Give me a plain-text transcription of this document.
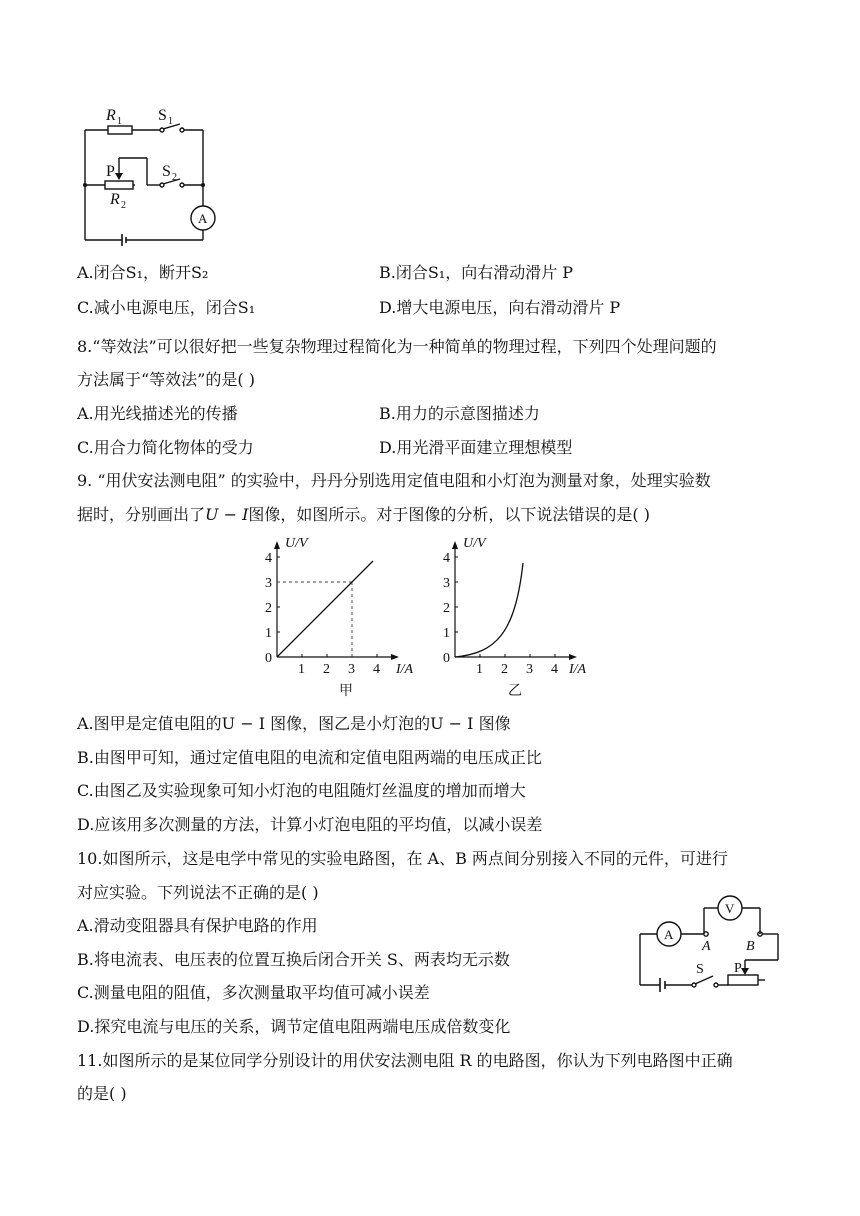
R 1 S 1
P
R 2
S 2
A
A.闭合S₁，断开S₂	B.闭合S₁，向右滑动滑片 P
C.减小电源电压，闭合S₁	D.增大电源电压，向右滑动滑片 P
8.“等效法”可以很好把一些复杂物理过程简化为一种简单的物理过程，下列四个处理问题的
方法属于“等效法”的是( )
A.用光线描述光的传播	B.用力的示意图描述力
C.用合力简化物体的受力	D.用光滑平面建立理想模型
9. “用伏安法测电阻” 的实验中，丹丹分别选用定值电阻和小灯泡为测量对象，处理实验数
据时，分别画出了U − I图像，如图所示。对于图像的分析，以下说法错误的是( )
U/V
0
1
2
3
4
1 2 3 4 I/A
甲
U/V
0
1
2
3
4
1 2 3 4 I/A
乙
A.图甲是定值电阻的U − I 图像，图乙是小灯泡的U − I 图像
B.由图甲可知，通过定值电阻的电流和定值电阻两端的电压成正比
C.由图乙及实验现象可知小灯泡的电阻随灯丝温度的增加而增大
D.应该用多次测量的方法，计算小灯泡电阻的平均值，以减小误差
10.如图所示，这是电学中常见的实验电路图，在 A、B 两点间分别接入不同的元件，可进行
对应实验。下列说法不正确的是( )
A.滑动变阻器具有保护电路的作用
B.将电流表、电压表的位置互换后闭合开关 S、两表均无示数
C.测量电阻的阻值，多次测量取平均值可减小误差
D.探究电流与电压的关系，调节定值电阻两端电压成倍数变化
A
V
A	B
S P
11.如图所示的是某位同学分别设计的用伏安法测电阻 R 的电路图，你认为下列电路图中正确
的是( )
